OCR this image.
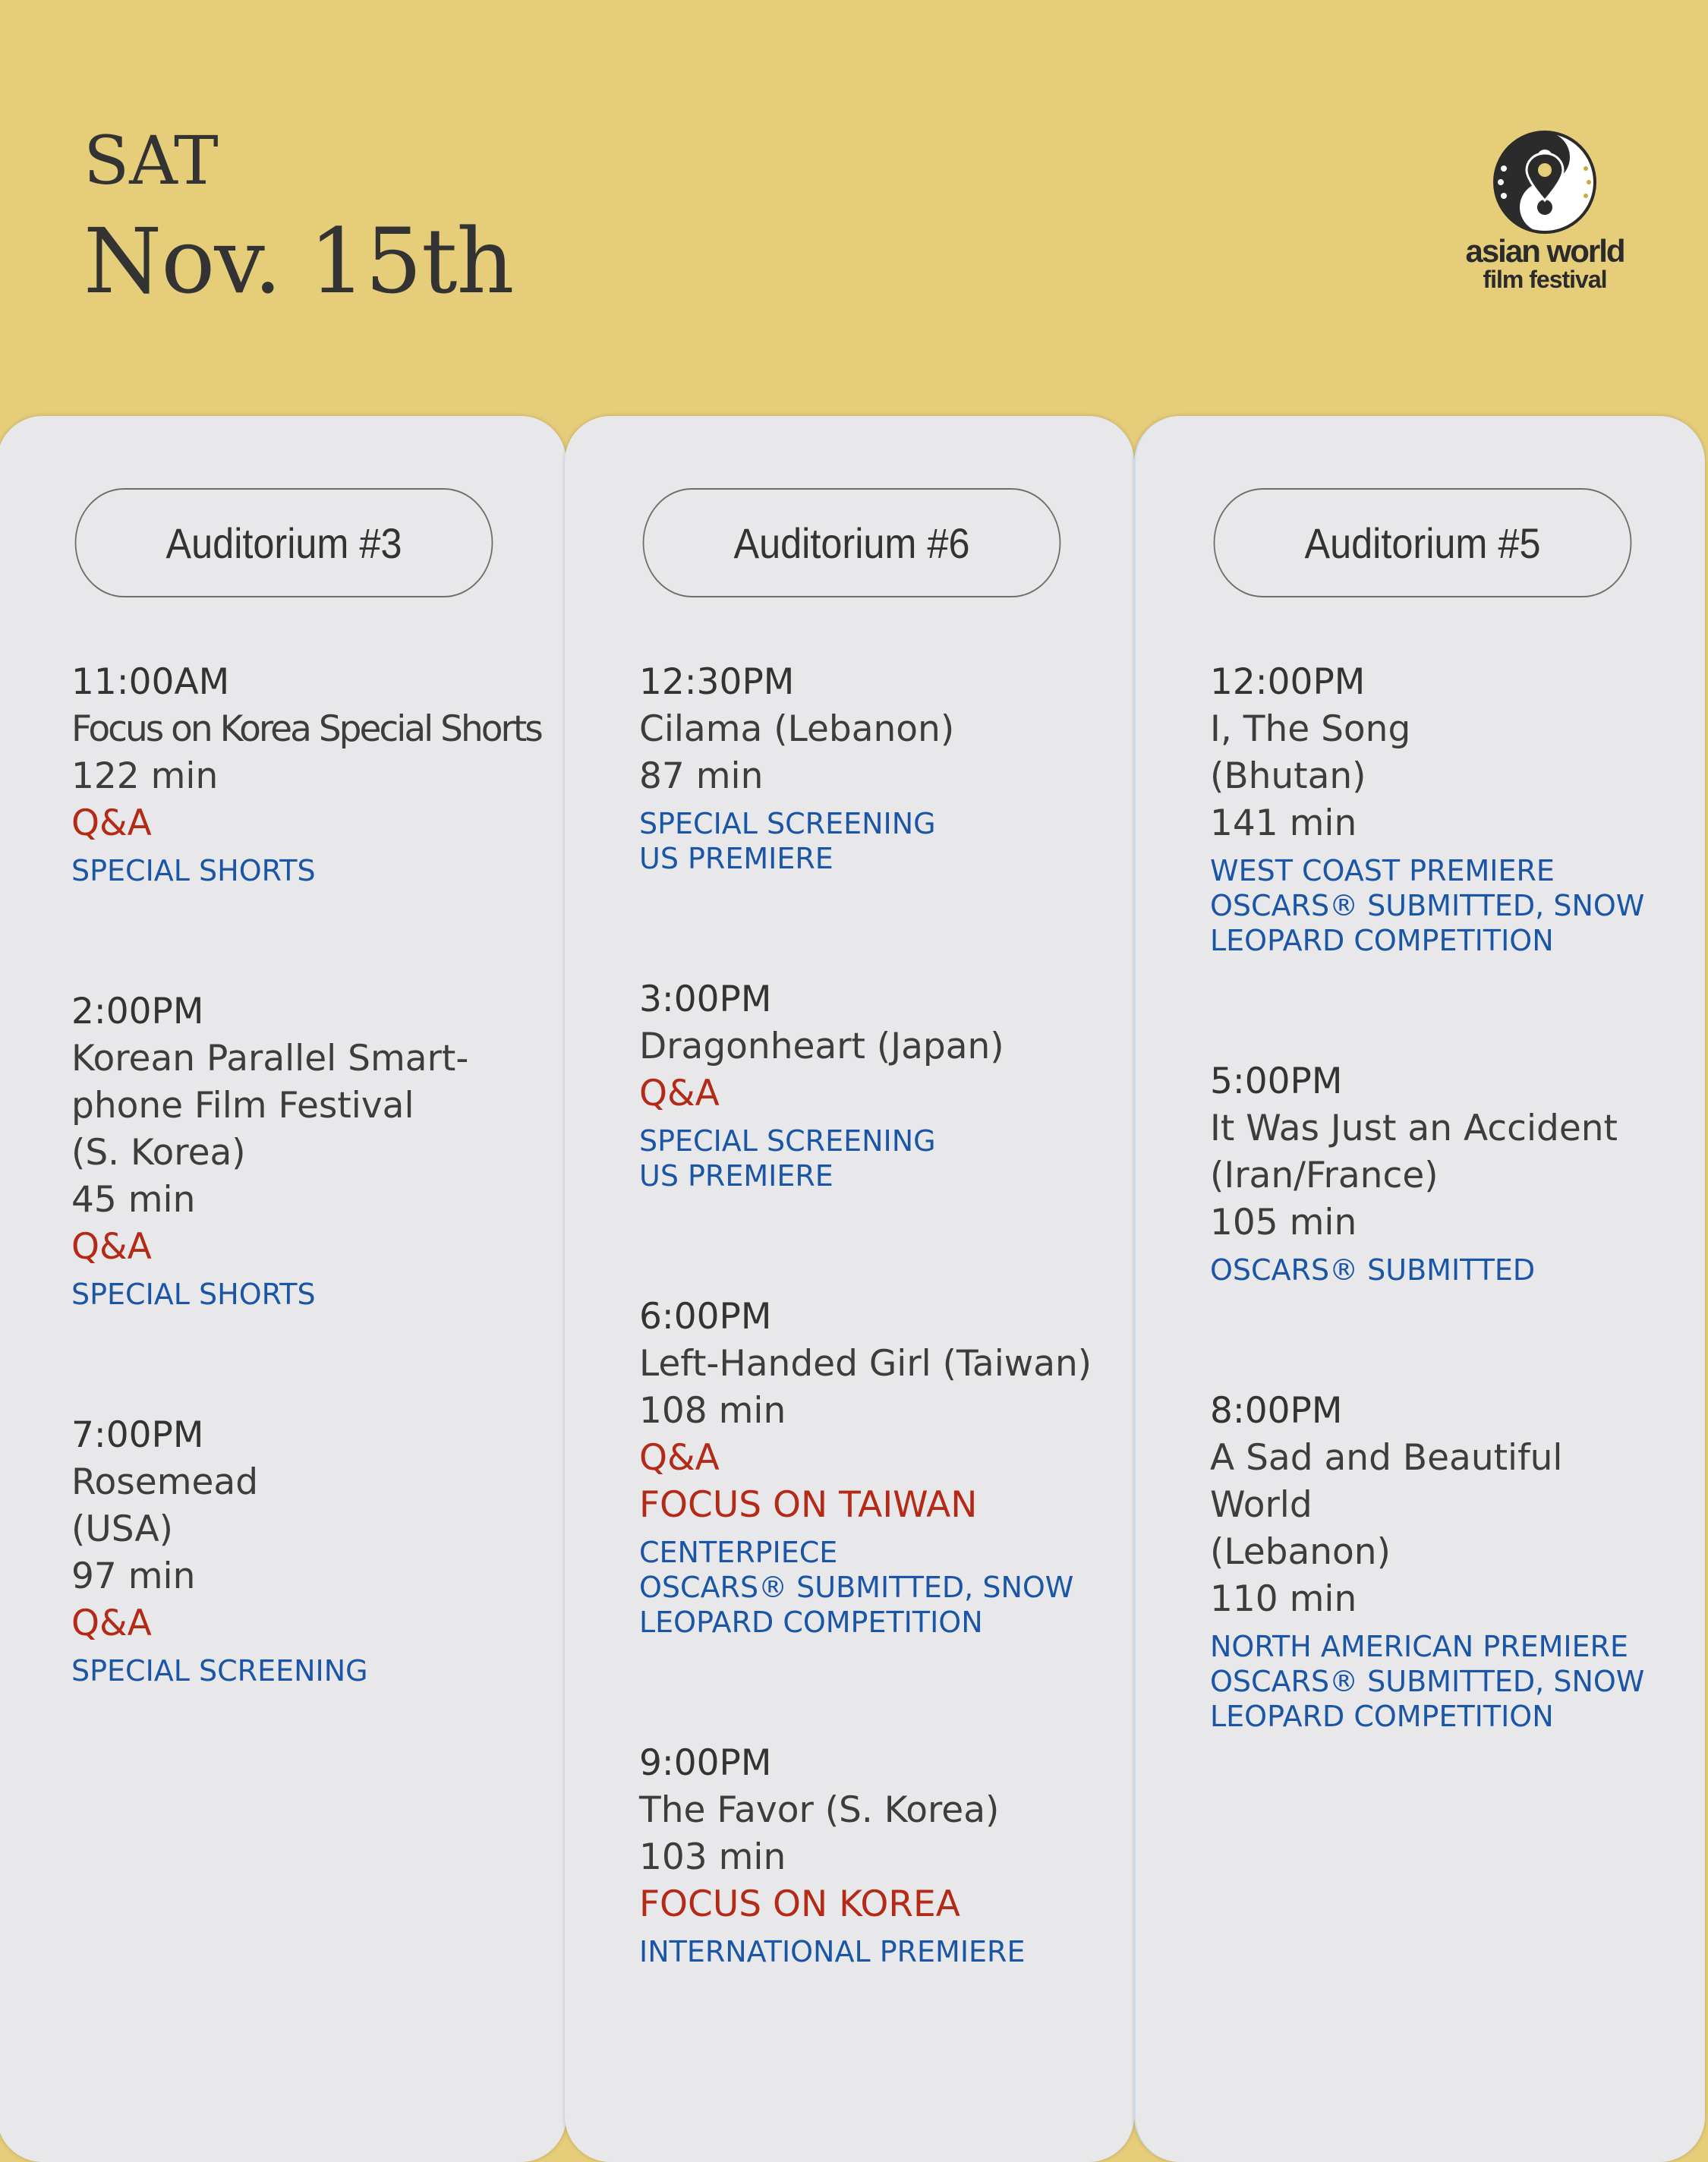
SAT
Nov. 15th	asian world
film festival
Auditorium #3
11:00AM
Focus on Korea Special Shorts
122 min
Q&A
SPECIAL SHORTS
2:00PM
Korean Parallel Smart-
phone Film Festival
(S. Korea)
45 min
Q&A
SPECIAL SHORTS
7:00PM
Rosemead
(USA)
97 min
Q&A
SPECIAL SCREENING
Auditorium #6
12:30PM
Cilama (Lebanon)
87 min
SPECIAL SCREENING
US PREMIERE
3:00PM
Dragonheart (Japan)
Q&A
SPECIAL SCREENING
US PREMIERE
6:00PM
Left-Handed Girl (Taiwan)
108 min
Q&A
FOCUS ON TAIWAN
CENTERPIECE
OSCARS® SUBMITTED, SNOW
LEOPARD COMPETITION
9:00PM
The Favor (S. Korea)
103 min
FOCUS ON KOREA
INTERNATIONAL PREMIERE
Auditorium #5
12:00PM
I, The Song
(Bhutan)
141 min
WEST COAST PREMIERE
OSCARS® SUBMITTED, SNOW
LEOPARD COMPETITION
5:00PM
It Was Just an Accident
(Iran/France)
105 min
OSCARS® SUBMITTED
8:00PM
A Sad and Beautiful
World
(Lebanon)
110 min
NORTH AMERICAN PREMIERE
OSCARS® SUBMITTED, SNOW
LEOPARD COMPETITION
